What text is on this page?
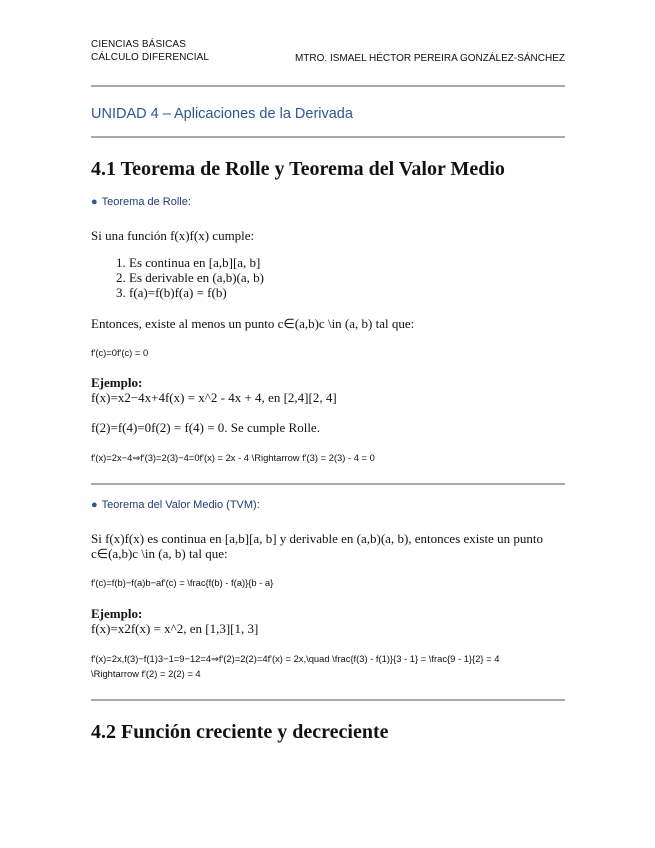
CIENCIAS BÁSICAS
CÁLCULO DIFERENCIAL	MTRO. ISMAEL HÉCTOR PEREIRA GONZÁLEZ-SÁNCHEZ
UNIDAD 4 – Aplicaciones de la Derivada
4.1 Teorema de Rolle y Teorema del Valor Medio
● Teorema de Rolle:
Si una función f(x)f(x) cumple:
1. Es continua en [a,b][a, b]
2. Es derivable en (a,b)(a, b)
3. f(a)=f(b)f(a) = f(b)
Entonces, existe al menos un punto c∈(a,b)c \in (a, b) tal que:
f′(c)=0f'(c) = 0
Ejemplo:
f(x)=x2−4x+4f(x) = x^2 - 4x + 4, en [2,4][2, 4]
f(2)=f(4)=0f(2) = f(4) = 0. Se cumple Rolle.
f′(x)=2x−4⇒f′(3)=2(3)−4=0f'(x) = 2x - 4 \Rightarrow f'(3) = 2(3) - 4 = 0
● Teorema del Valor Medio (TVM):
Si f(x)f(x) es continua en [a,b][a, b] y derivable en (a,b)(a, b), entonces existe un punto
c∈(a,b)c \in (a, b) tal que:
f′(c)=f(b)−f(a)b−af'(c) = \frac{f(b) - f(a)}{b - a}
Ejemplo:
f(x)=x2f(x) = x^2, en [1,3][1, 3]
f′(x)=2x,f(3)−f(1)3−1=9−12=4⇒f′(2)=2(2)=4f'(x) = 2x,\quad \frac{f(3) - f(1)}{3 - 1} = \frac{9 - 1}{2} = 4
\Rightarrow f'(2) = 2(2) = 4
4.2 Función creciente y decreciente
